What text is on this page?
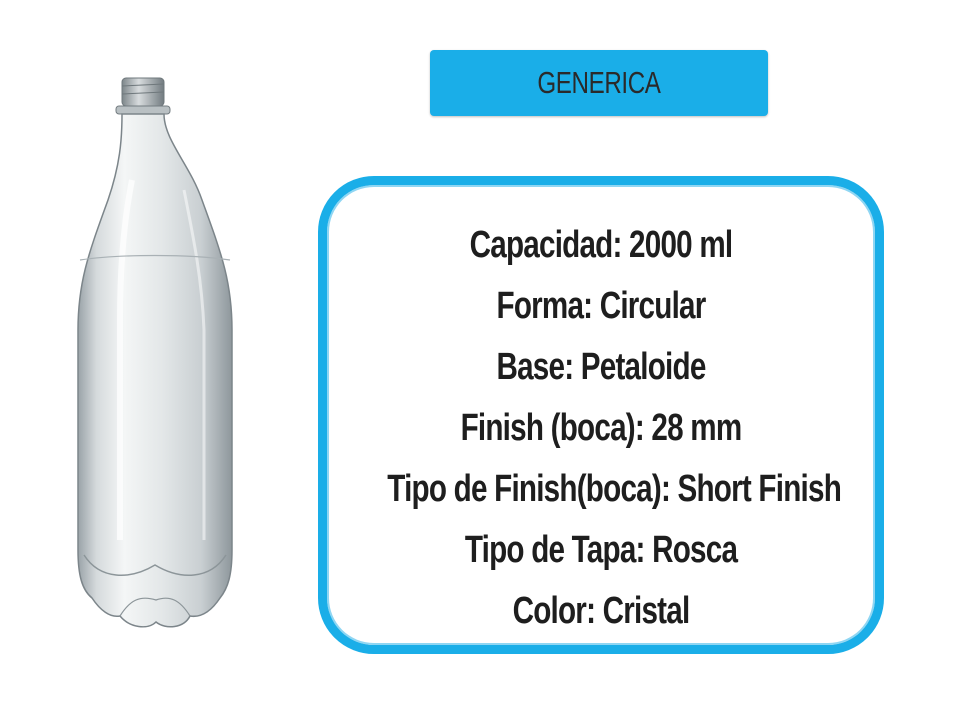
GENERICA
Capacidad: 2000 ml
Forma: Circular
Base: Petaloide
Finish (boca): 28 mm
Tipo de Finish(boca): Short Finish
Tipo de Tapa: Rosca
Color: Cristal
